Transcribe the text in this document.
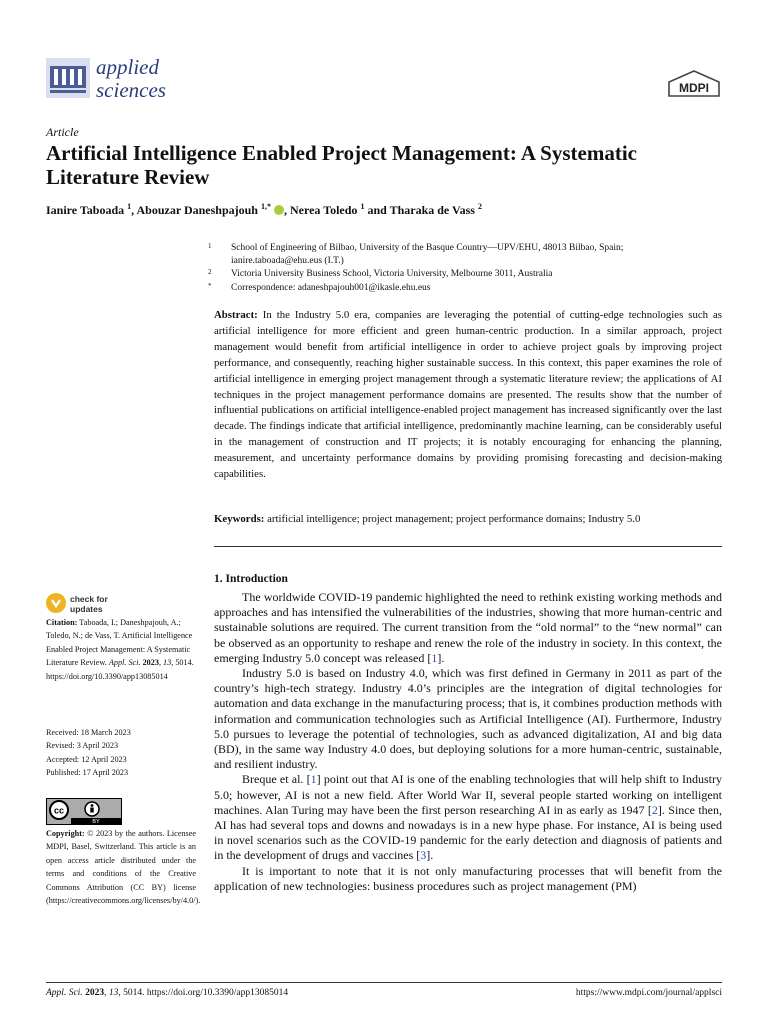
applied
sciences	MDPI
Article
Artificial Intelligence Enabled Project Management: A Systematic Literature Review
Ianire Taboada $^1$, Abouzar Daneshpajouh $^{1,*}$ , Nerea Toledo $^1$ and Tharaka de Vass $^2$
1	School of Engineering of Bilbao, University of the Basque Country—UPV/EHU, 48013 Bilbao, Spain;
ianire.taboada@ehu.eus (I.T.)
2	Victoria University Business School, Victoria University, Melbourne 3011, Australia
*	Correspondence: adaneshpajouh001@ikasle.ehu.eus

Abstract: In the Industry 5.0 era, companies are leveraging the potential of cutting-edge technologies such as artificial intelligence for more efficient and green human-centric production. In a similar approach, project management would benefit from artificial intelligence in order to achieve project goals by improving project performance, and consequently, reaching higher sustainable success. In this context, this paper examines the role of artificial intelligence in emerging project management through a systematic literature review; the applications of AI techniques in the project management performance domains are presented. The results show that the number of influential publications on artificial intelligence-enabled project management has increased significantly over the last decade. The findings indicate that artificial intelligence, predominantly machine learning, can be considerably useful in the management of construction and IT projects; it is notably encouraging for enhancing the planning, measurement, and uncertainty performance domains by providing promising forecasting and decision-making capabilities.

Keywords: artificial intelligence; project management; project performance domains; Industry 5.0
1. Introduction

The worldwide COVID-19 pandemic highlighted the need to rethink existing working methods and approaches and has intensified the vulnerabilities of the industries, showing that more human-centric and sustainable solutions are required. The current transition from the “old normal” to the “new normal” can be observed as an opportunity to reshape and renew the role of the industry in society. In this context, the emerging Industry 5.0 concept was released [1].

Industry 5.0 is based on Industry 4.0, which was first defined in Germany in 2011 as part of the country’s high-tech strategy. Industry 4.0’s principles are the integration of digital technologies for automation and data exchange in the manufacturing process; that is, it combines production methods with information and communication technologies such as Artificial Intelligence (AI). Furthermore, Industry 5.0 pursues to leverage the potential of technologies, such as advanced digitalization, AI and big data (BD), in the same way Industry 4.0 does, but deploying solutions for a more human-centric, sustainable, and resilient industry.

Breque et al. [1] point out that AI is one of the enabling technologies that will help shift to Industry 5.0; however, AI is not a new field. After World War II, several people started working on intelligent machines. Alan Turing may have been the first person researching AI in as early as 1947 [2]. Since then, AI has had several tops and downs and nowadays is in a new hype phase. For instance, AI is being used in novel scenarios such as the COVID-19 pandemic for the early detection and diagnosis of patients and in the development of drugs and vaccines [3].

It is important to note that it is not only manufacturing processes that will benefit from the application of new technologies: business procedures such as project management (PM)

check for
updates
Citation: Taboada, I.; Daneshpajouh, A.; Toledo, N.; de Vass, T. Artificial Intelligence Enabled Project Management: A Systematic Literature Review. Appl. Sci. 2023, 13, 5014. https://doi.org/10.3390/app13085014
Received: 18 March 2023
Revised: 3 April 2023
Accepted: 12 April 2023
Published: 17 April 2023
cc
BY
Copyright: © 2023 by the authors. Licensee MDPI, Basel, Switzerland. This article is an open access article distributed under the terms and conditions of the Creative Commons Attribution (CC BY) license (https://creativecommons.org/licenses/by/4.0/).
Appl. Sci. 2023, 13, 5014. https://doi.org/10.3390/app13085014	https://www.mdpi.com/journal/applsci
